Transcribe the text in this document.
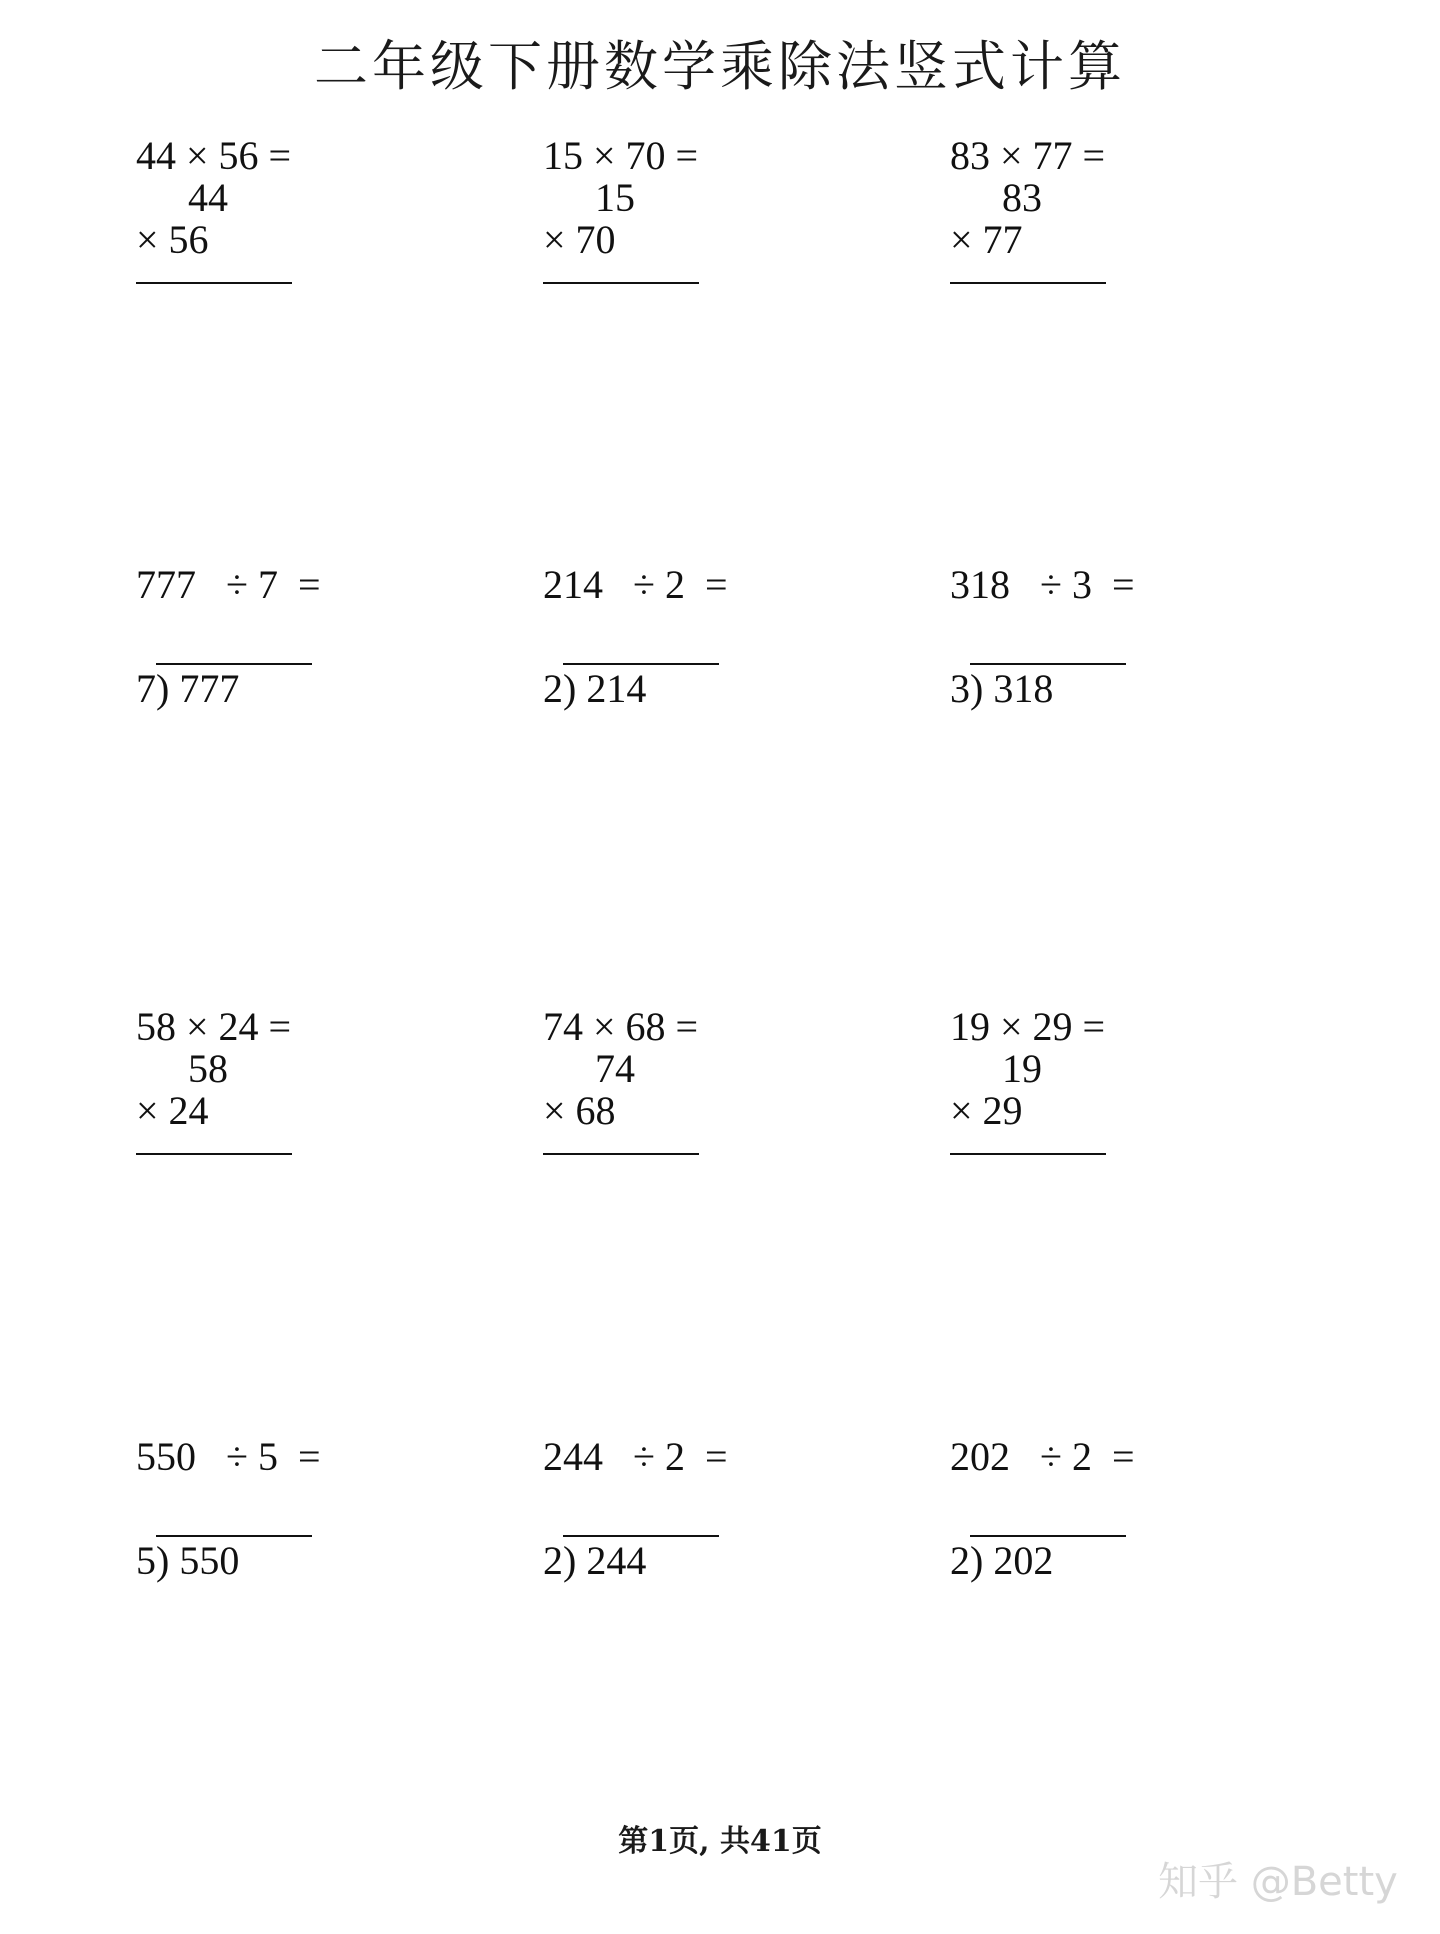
二年级下册数学乘除法竖式计算
44 × 56 =
44
× 56
15 × 70 =
15
× 70
83 × 77 =
83
× 77
777   ÷ 7  =
7) 777
214   ÷ 2  =
2) 214
318   ÷ 3  =
3) 318
58 × 24 =
58
× 24
74 × 68 =
74
× 68
19 × 29 =
19
× 29
550   ÷ 5  =
5) 550
244   ÷ 2  =
2) 244
202   ÷ 2  =
2) 202
第1页, 共41页
知乎 @Betty
